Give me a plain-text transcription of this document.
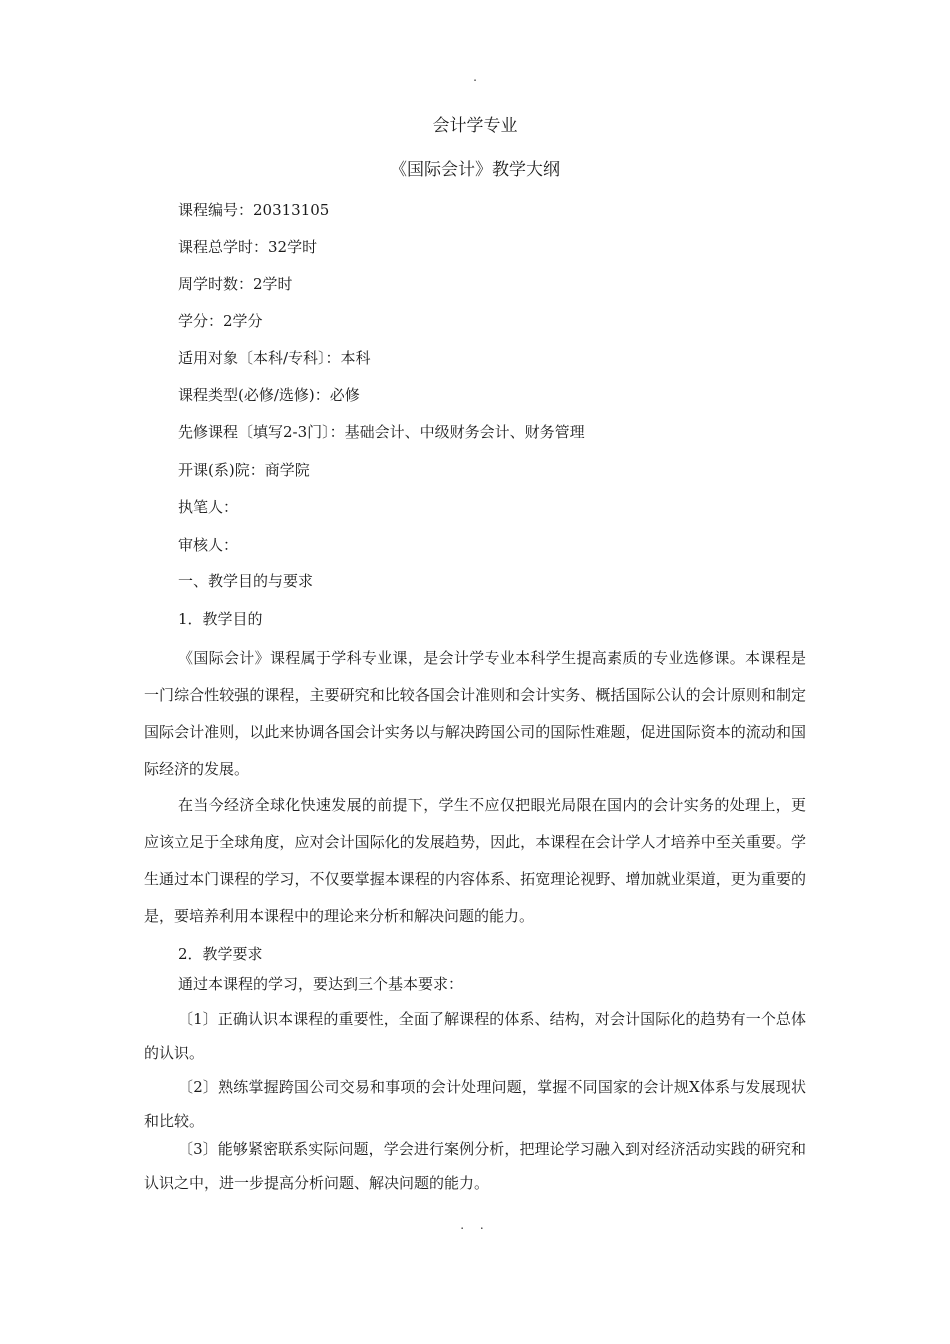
.
会计学专业
《国际会计》教学大纲
课程编号：20313105
课程总学时：32学时
周学时数：2学时
学分：2学分
适用对象〔本科/专科〕：本科
课程类型(必修/选修)：必修
先修课程〔填写2-3门〕：基础会计、中级财务会计、财务管理
开课(系)院：商学院
执笔人：
审核人：
一、教学目的与要求
1．教学目的

《国际会计》课程属于学科专业课，是会计学专业本科学生提高素质的专业选修课。本课程是一门综合性较强的课程，主要研究和比较各国会计准则和会计实务、概括国际公认的会计原则和制定国际会计准则，以此来协调各国会计实务以与解决跨国公司的国际性难题，促进国际资本的流动和国际经济的发展。

在当今经济全球化快速发展的前提下，学生不应仅把眼光局限在国内的会计实务的处理上，更应该立足于全球角度，应对会计国际化的发展趋势，因此，本课程在会计学人才培养中至关重要。学生通过本门课程的学习，不仅要掌握本课程的内容体系、拓宽理论视野、增加就业渠道，更为重要的是，要培养利用本课程中的理论来分析和解决问题的能力。

2．教学要求
通过本课程的学习，要达到三个基本要求：

〔1〕正确认识本课程的重要性，全面了解课程的体系、结构，对会计国际化的趋势有一个总体的认识。

〔2〕熟练掌握跨国公司交易和事项的会计处理问题，掌握不同国家的会计规X体系与发展现状和比较。

〔3〕能够紧密联系实际问题，学会进行案例分析，把理论学习融入到对经济活动实践的研究和认识之中，进一步提高分析问题、解决问题的能力。

. .
